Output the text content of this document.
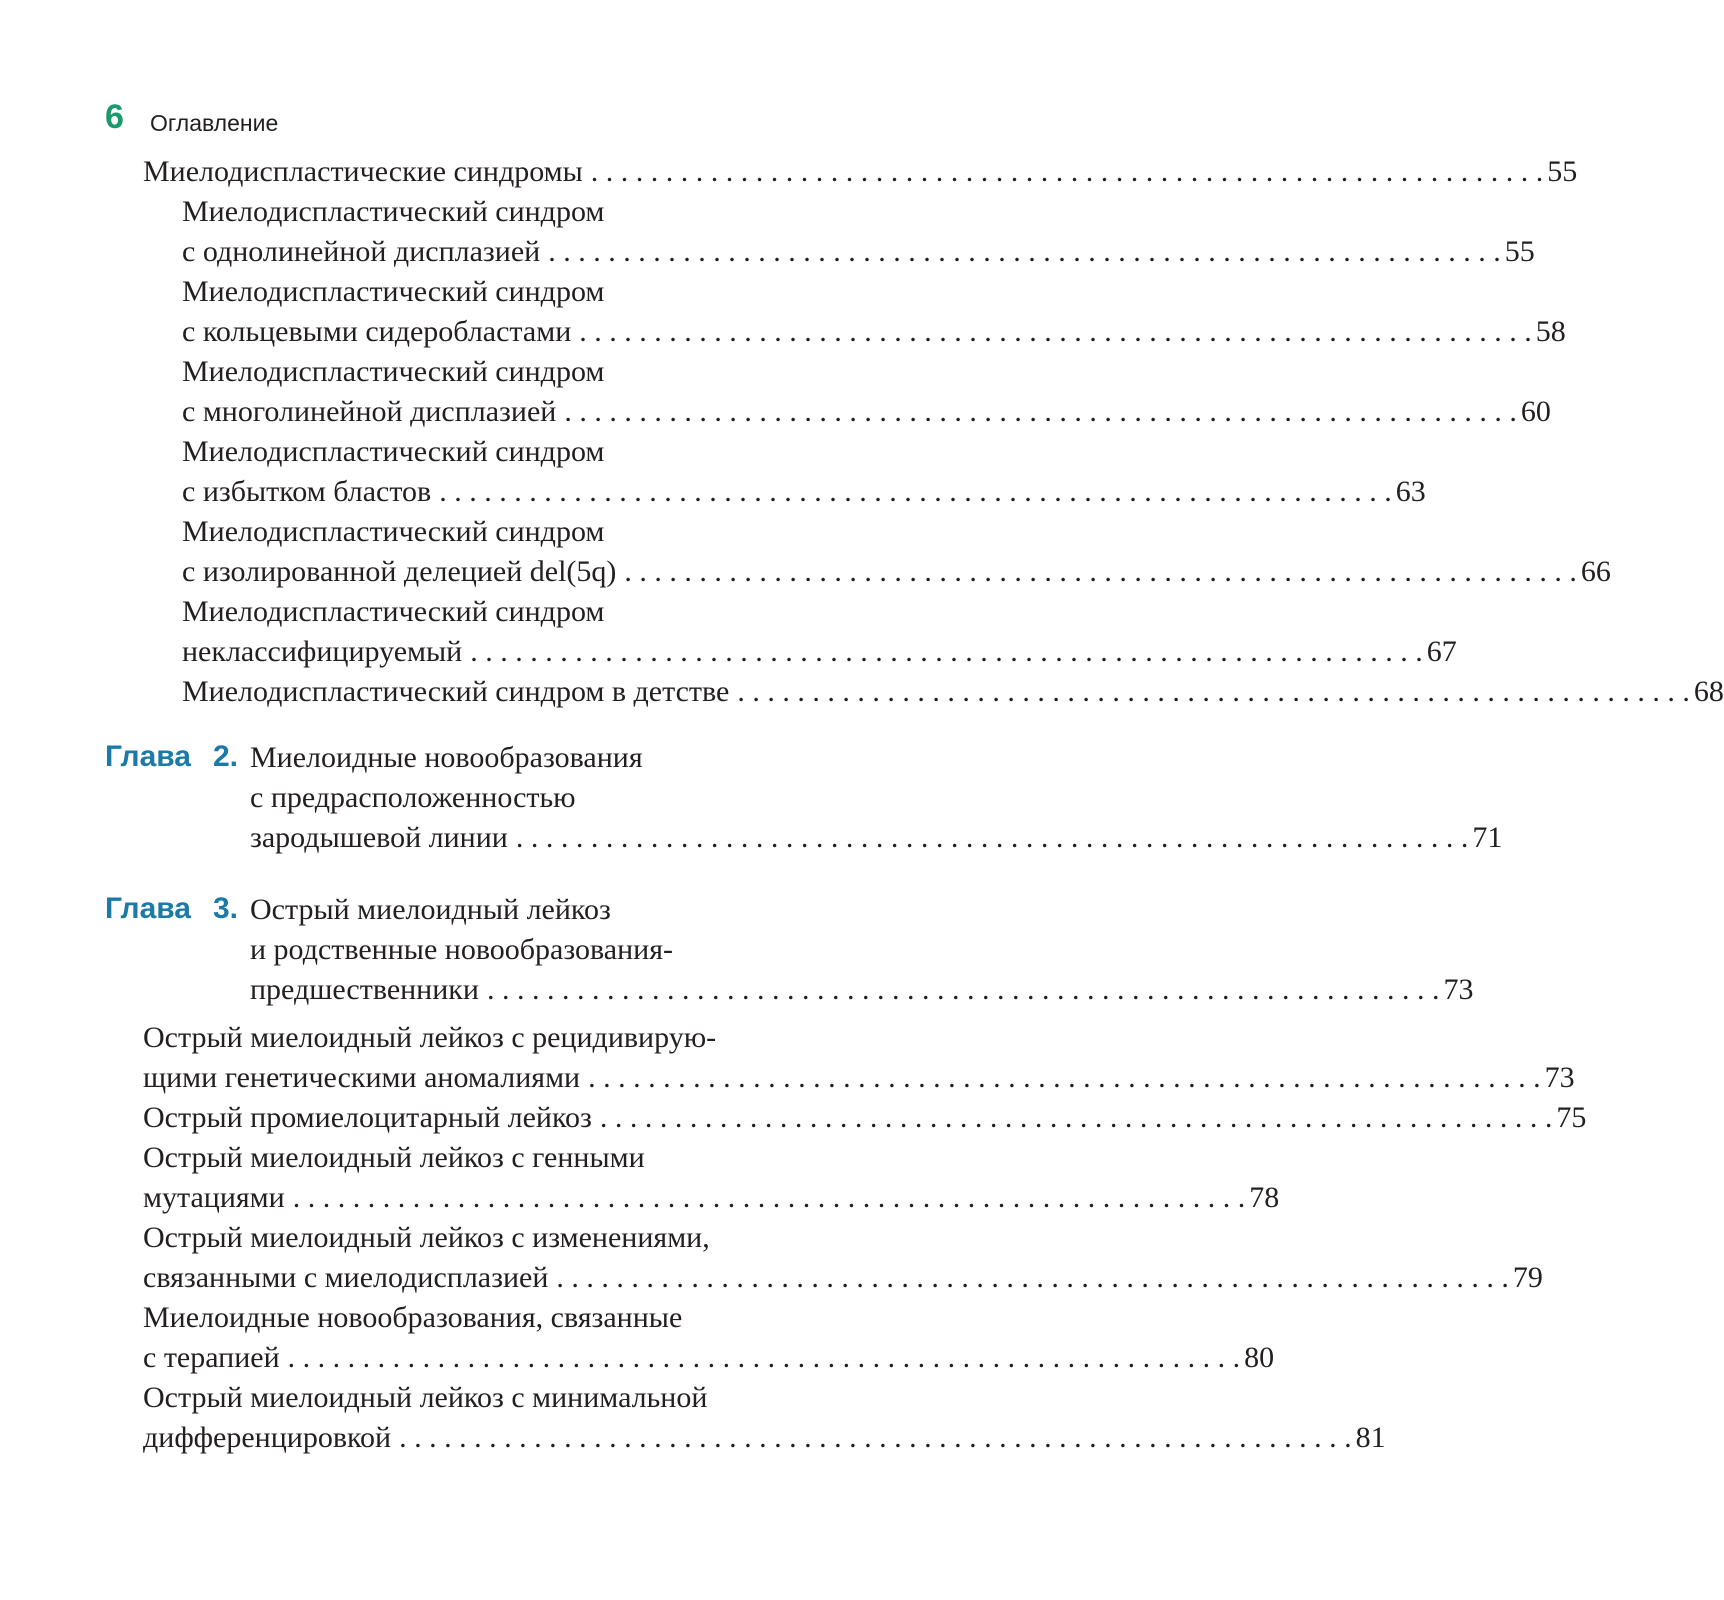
6 Оглавление
Миелодиспластические синдромы . . .	55
Миелодиспластический синдром
с однолинейной дисплазией . . .	55
Миелодиспластический синдром
с кольцевыми сидеробластами . . .	58
Миелодиспластический синдром
с многолинейной дисплазией . . .	60
Миелодиспластический синдром
с избытком бластов . . .	63
Миелодиспластический синдром
с изолированной делецией del(5q) . . .	66
Миелодиспластический синдром
неклассифицируемый . . .	67
Миелодиспластический синдром в детстве . . .	68
Глава 2. Миелоидные новообразования
с предрасположенностью
зародышевой линии . . .	71
Глава 3. Острый миелоидный лейкоз
и родственные новообразования-
предшественники . . .	73
Острый миелоидный лейкоз с рецидивирую-
щими генетическими аномалиями . . .	73
Острый промиелоцитарный лейкоз . . .	75
Острый миелоидный лейкоз с генными
мутациями . . .	78
Острый миелоидный лейкоз с изменениями,
связанными с миелодисплазией . . .	79
Миелоидные новообразования, связанные
с терапией . . .	80
Острый миелоидный лейкоз с минимальной
дифференцировкой . . .	81
